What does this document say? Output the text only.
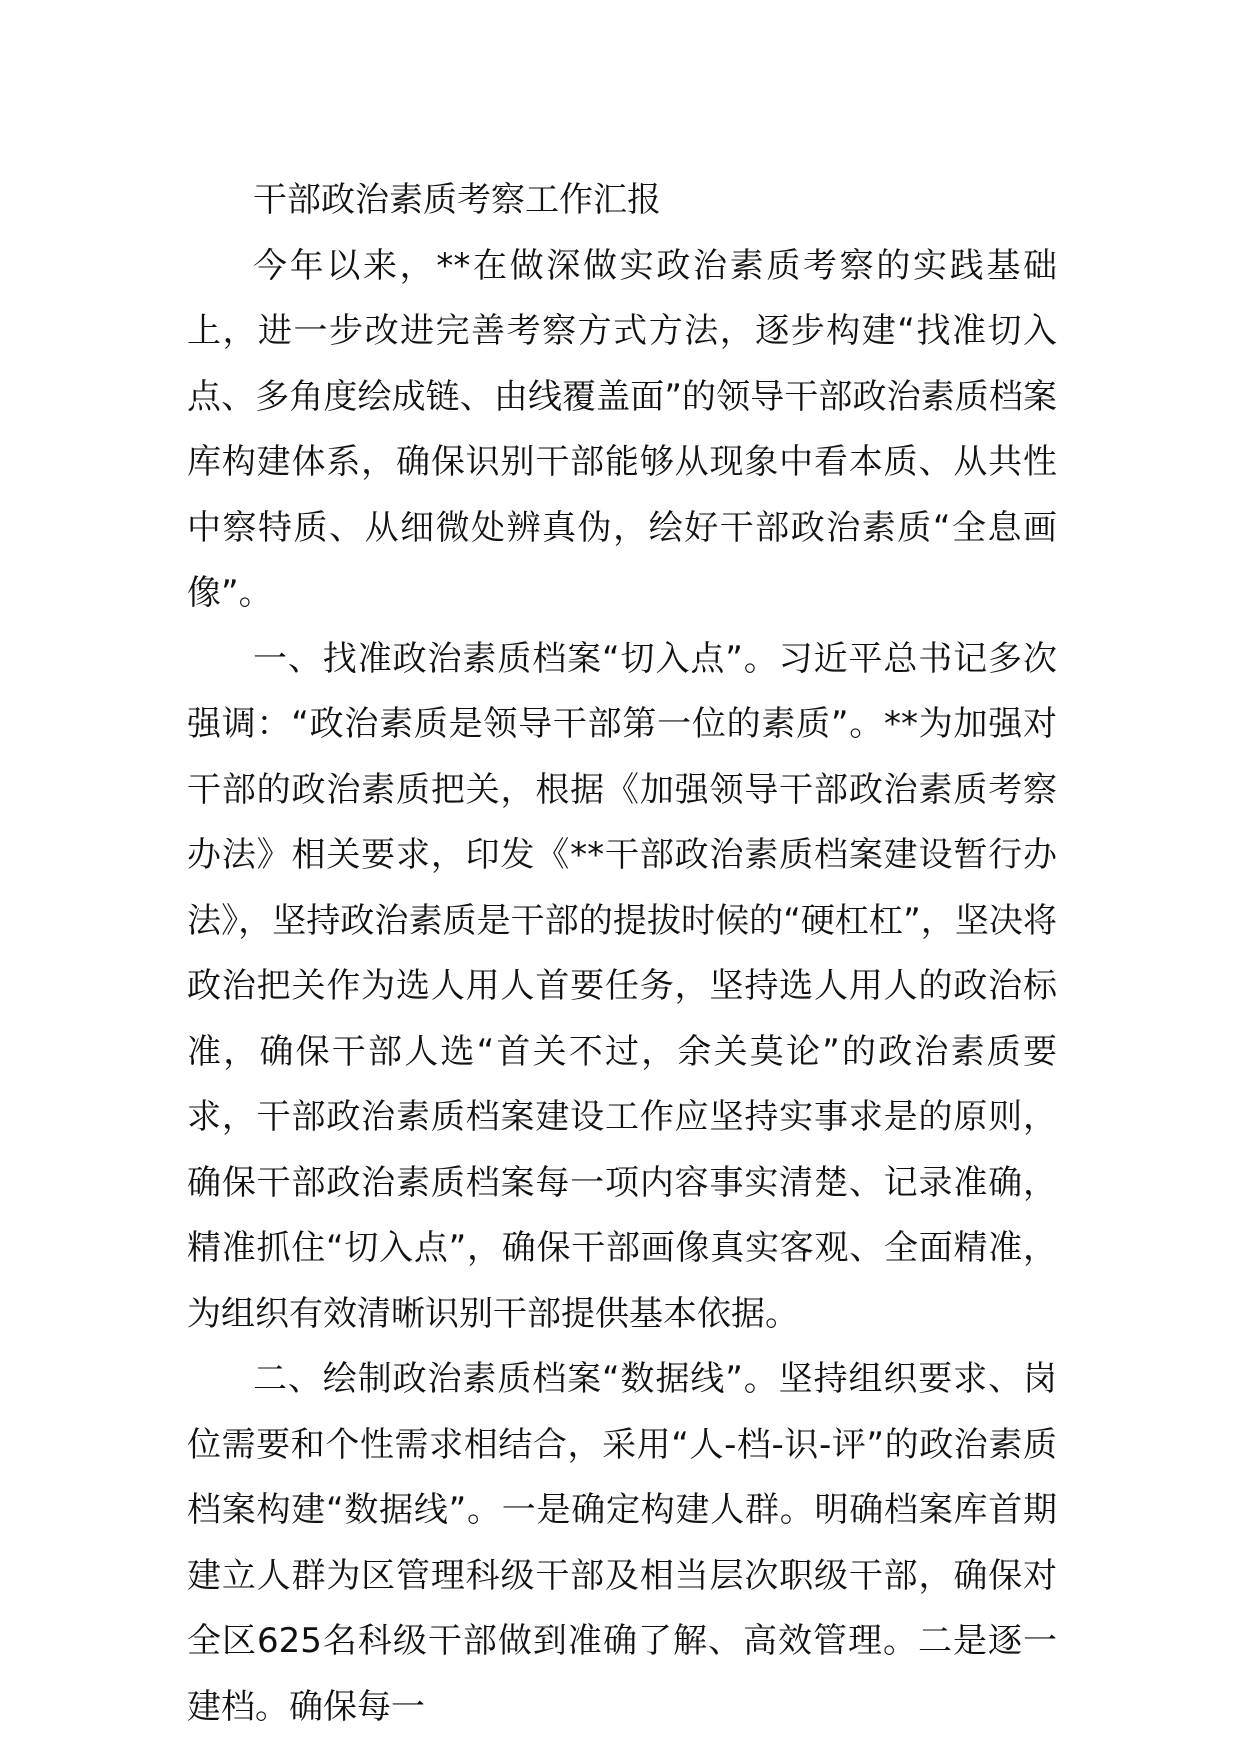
干部政治素质考察工作汇报

今年以来，**在做深做实政治素质考察的实践基础上，进一步改进完善考察方式方法，逐步构建“找准切入点、多角度绘成链、由线覆盖面”的领导干部政治素质档案库构建体系，确保识别干部能够从现象中看本质、从共性中察特质、从细微处辨真伪，绘好干部政治素质“全息画像”。

一、找准政治素质档案“切入点”。习近平总书记多次强调：“政治素质是领导干部第一位的素质”。**为加强对干部的政治素质把关，根据《加强领导干部政治素质考察办法》相关要求，印发《**干部政治素质档案建设暂行办法》，坚持政治素质是干部的提拔时候的“硬杠杠”，坚决将政治把关作为选人用人首要任务，坚持选人用人的政治标准，确保干部人选“首关不过，余关莫论”的政治素质要求，干部政治素质档案建设工作应坚持实事求是的原则，确保干部政治素质档案每一项内容事实清楚、记录准确，精准抓住“切入点”，确保干部画像真实客观、全面精准，为组织有效清晰识别干部提供基本依据。

二、绘制政治素质档案“数据线”。坚持组织要求、岗位需要和个性需求相结合，采用“人-档-识-评”的政治素质档案构建“数据线”。一是确定构建人群。明确档案库首期建立人群为区管理科级干部及相当层次职级干部，确保对全区625名科级干部做到准确了解、高效管理。二是逐一建档。确保每一
